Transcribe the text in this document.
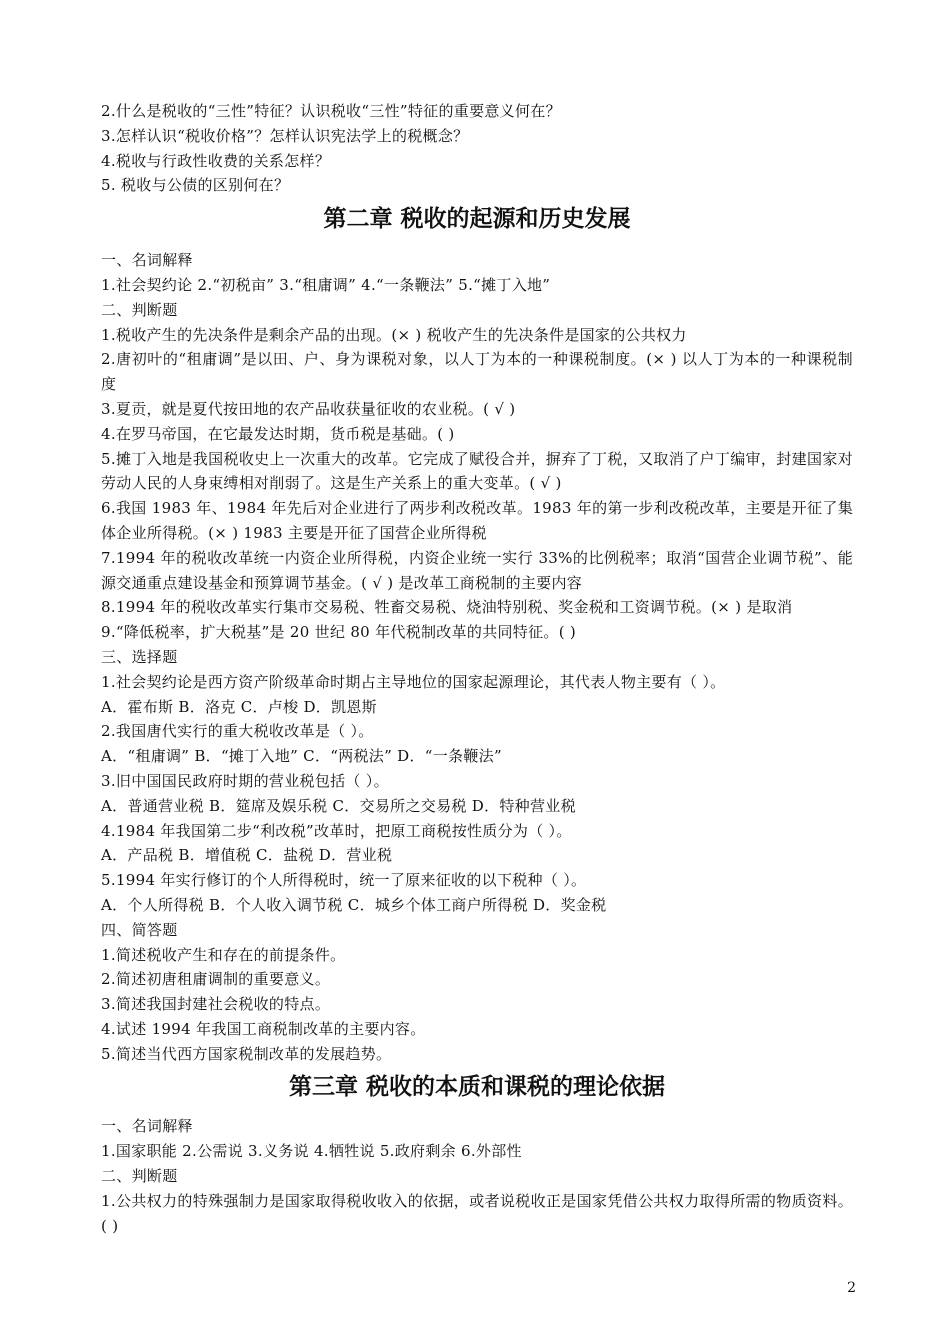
2.什么是税收的“三性”特征？认识税收“三性”特征的重要意义何在？
3.怎样认识“税收价格”？怎样认识宪法学上的税概念？
4.税收与行政性收费的关系怎样？
5. 税收与公债的区别何在？
第二章 税收的起源和历史发展
一、名词解释
1.社会契约论 2.“初税亩” 3.“租庸调” 4.“一条鞭法” 5.“摊丁入地”
二、判断题
1.税收产生的先决条件是剩余产品的出现。(× ) 税收产生的先决条件是国家的公共权力
2.唐初叶的“租庸调”是以田、户、身为课税对象，以人丁为本的一种课税制度。(× ) 以人丁为本的一种课税制度
3.夏贡，就是夏代按田地的农产品收获量征收的农业税。( √ )
4.在罗马帝国，在它最发达时期，货币税是基础。( )
5.摊丁入地是我国税收史上一次重大的改革。它完成了赋役合并，摒弃了丁税，又取消了户丁编审，封建国家对劳动人民的人身束缚相对削弱了。这是生产关系上的重大变革。( √ )
6.我国 1983 年、1984 年先后对企业进行了两步利改税改革。1983 年的第一步利改税改革，主要是开征了集体企业所得税。(× ) 1983 主要是开征了国营企业所得税
7.1994 年的税收改革统一内资企业所得税，内资企业统一实行 33%的比例税率；取消“国营企业调节税”、能源交通重点建设基金和预算调节基金。( √ ) 是改革工商税制的主要内容
8.1994 年的税收改革实行集市交易税、牲畜交易税、烧油特别税、奖金税和工资调节税。(× ) 是取消
9.“降低税率，扩大税基”是 20 世纪 80 年代税制改革的共同特征。( )
三、选择题
1.社会契约论是西方资产阶级革命时期占主导地位的国家起源理论，其代表人物主要有（ ）。
A．霍布斯 B．洛克 C．卢梭 D．凯恩斯
2.我国唐代实行的重大税收改革是（ ）。
A．“租庸调” B．“摊丁入地” C．“两税法” D．“一条鞭法”
3.旧中国国民政府时期的营业税包括（ ）。
A．普通营业税 B．筵席及娱乐税 C．交易所之交易税 D．特种营业税
4.1984 年我国第二步“利改税”改革时，把原工商税按性质分为（ ）。
A．产品税 B．增值税 C．盐税 D．营业税
5.1994 年实行修订的个人所得税时，统一了原来征收的以下税种（ ）。
A．个人所得税 B．个人收入调节税 C．城乡个体工商户所得税 D．奖金税
四、简答题
1.简述税收产生和存在的前提条件。
2.简述初唐租庸调制的重要意义。
3.简述我国封建社会税收的特点。
4.试述 1994 年我国工商税制改革的主要内容。
5.简述当代西方国家税制改革的发展趋势。
第三章 税收的本质和课税的理论依据
一、名词解释
1.国家职能 2.公需说 3.义务说 4.牺牲说 5.政府剩余 6.外部性
二、判断题
1.公共权力的特殊强制力是国家取得税收收入的依据，或者说税收正是国家凭借公共权力取得所需的物质资料。( )
2
